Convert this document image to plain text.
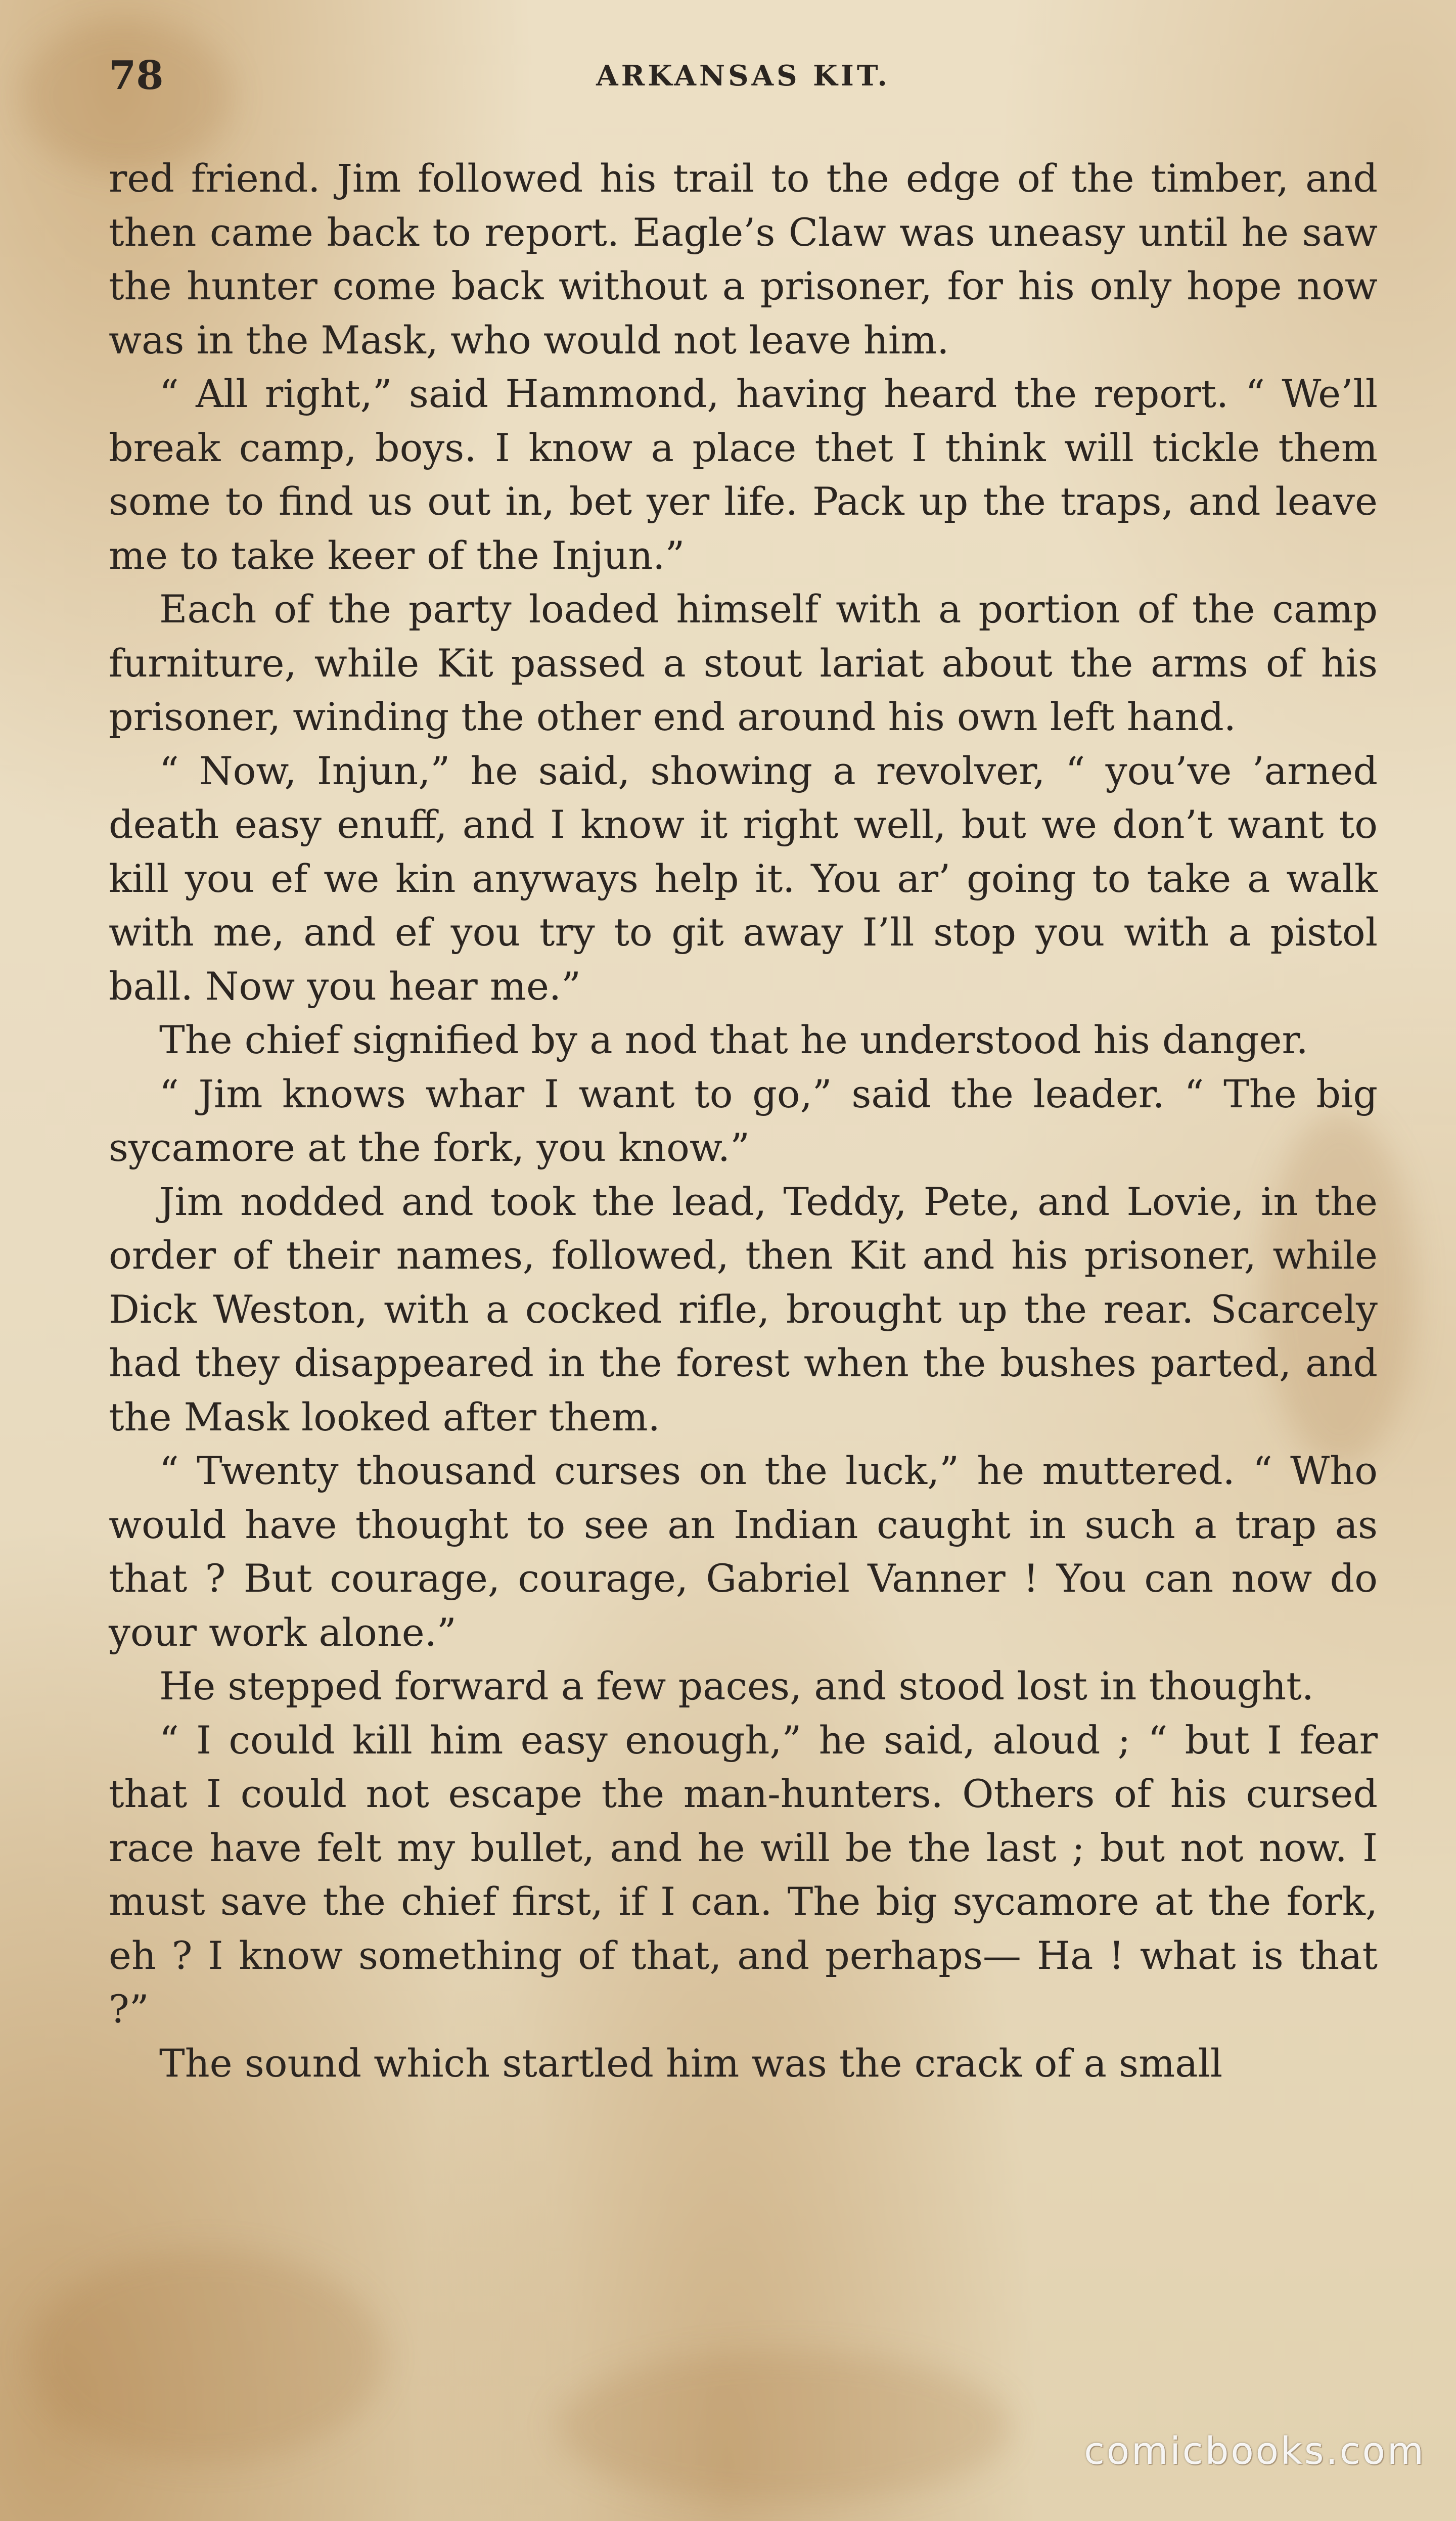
78	ARKANSAS KIT.

red friend. Jim followed his trail to the edge of the timber, and then came back to report. Eagle’s Claw was uneasy until he saw the hunter come back without a prisoner, for his only hope now was in the Mask, who would not leave him.

“ All right,” said Hammond, having heard the report. “ We’ll break camp, boys. I know a place thet I think will tickle them some to find us out in, bet yer life. Pack up the traps, and leave me to take keer of the Injun.”

Each of the party loaded himself with a portion of the camp furniture, while Kit passed a stout lariat about the arms of his prisoner, winding the other end around his own left hand.

“ Now, Injun,” he said, showing a revolver, “ you’ve ’arned death easy enuff, and I know it right well, but we don’t want to kill you ef we kin anyways help it. You ar’ going to take a walk with me, and ef you try to git away I’ll stop you with a pistol ball. Now you hear me.”

The chief signified by a nod that he understood his danger.

“ Jim knows whar I want to go,” said the leader. “ The big sycamore at the fork, you know.”

Jim nodded and took the lead, Teddy, Pete, and Lovie, in the order of their names, followed, then Kit and his prisoner, while Dick Weston, with a cocked rifle, brought up the rear. Scarcely had they disappeared in the forest when the bushes parted, and the Mask looked after them.

“ Twenty thousand curses on the luck,” he muttered. “ Who would have thought to see an Indian caught in such a trap as that ? But courage, courage, Gabriel Vanner ! You can now do your work alone.”

He stepped forward a few paces, and stood lost in thought.

“ I could kill him easy enough,” he said, aloud ; “ but I fear that I could not escape the man-hunters. Others of his cursed race have felt my bullet, and he will be the last ; but not now. I must save the chief first, if I can. The big sycamore at the fork, eh ? I know something of that, and perhaps— Ha ! what is that ?”

The sound which startled him was the crack of a small

comicbooks.com
